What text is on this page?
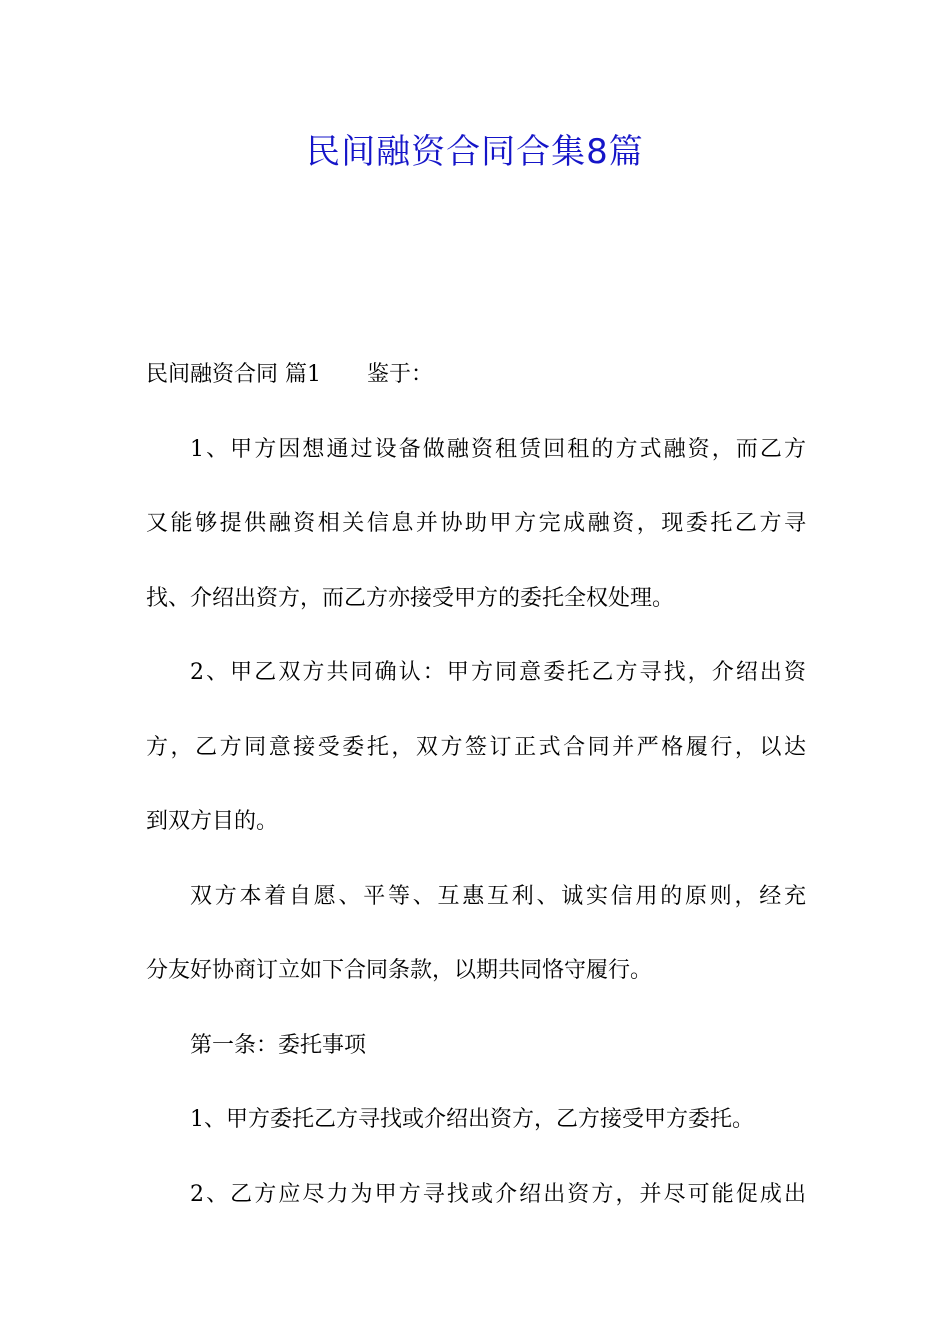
民间融资合同合集8篇
民间融资合同 篇1 鉴于：
1、甲方因想通过设备做融资租赁回租的方式融资，而乙方
又能够提供融资相关信息并协助甲方完成融资，现委托乙方寻
找、介绍出资方，而乙方亦接受甲方的委托全权处理。
2、甲乙双方共同确认：甲方同意委托乙方寻找，介绍出资
方，乙方同意接受委托，双方签订正式合同并严格履行，以达
到双方目的。
双方本着自愿、平等、互惠互利、诚实信用的原则，经充
分友好协商订立如下合同条款，以期共同恪守履行。
第一条：委托事项
1、甲方委托乙方寻找或介绍出资方，乙方接受甲方委托。
2、乙方应尽力为甲方寻找或介绍出资方，并尽可能促成出
